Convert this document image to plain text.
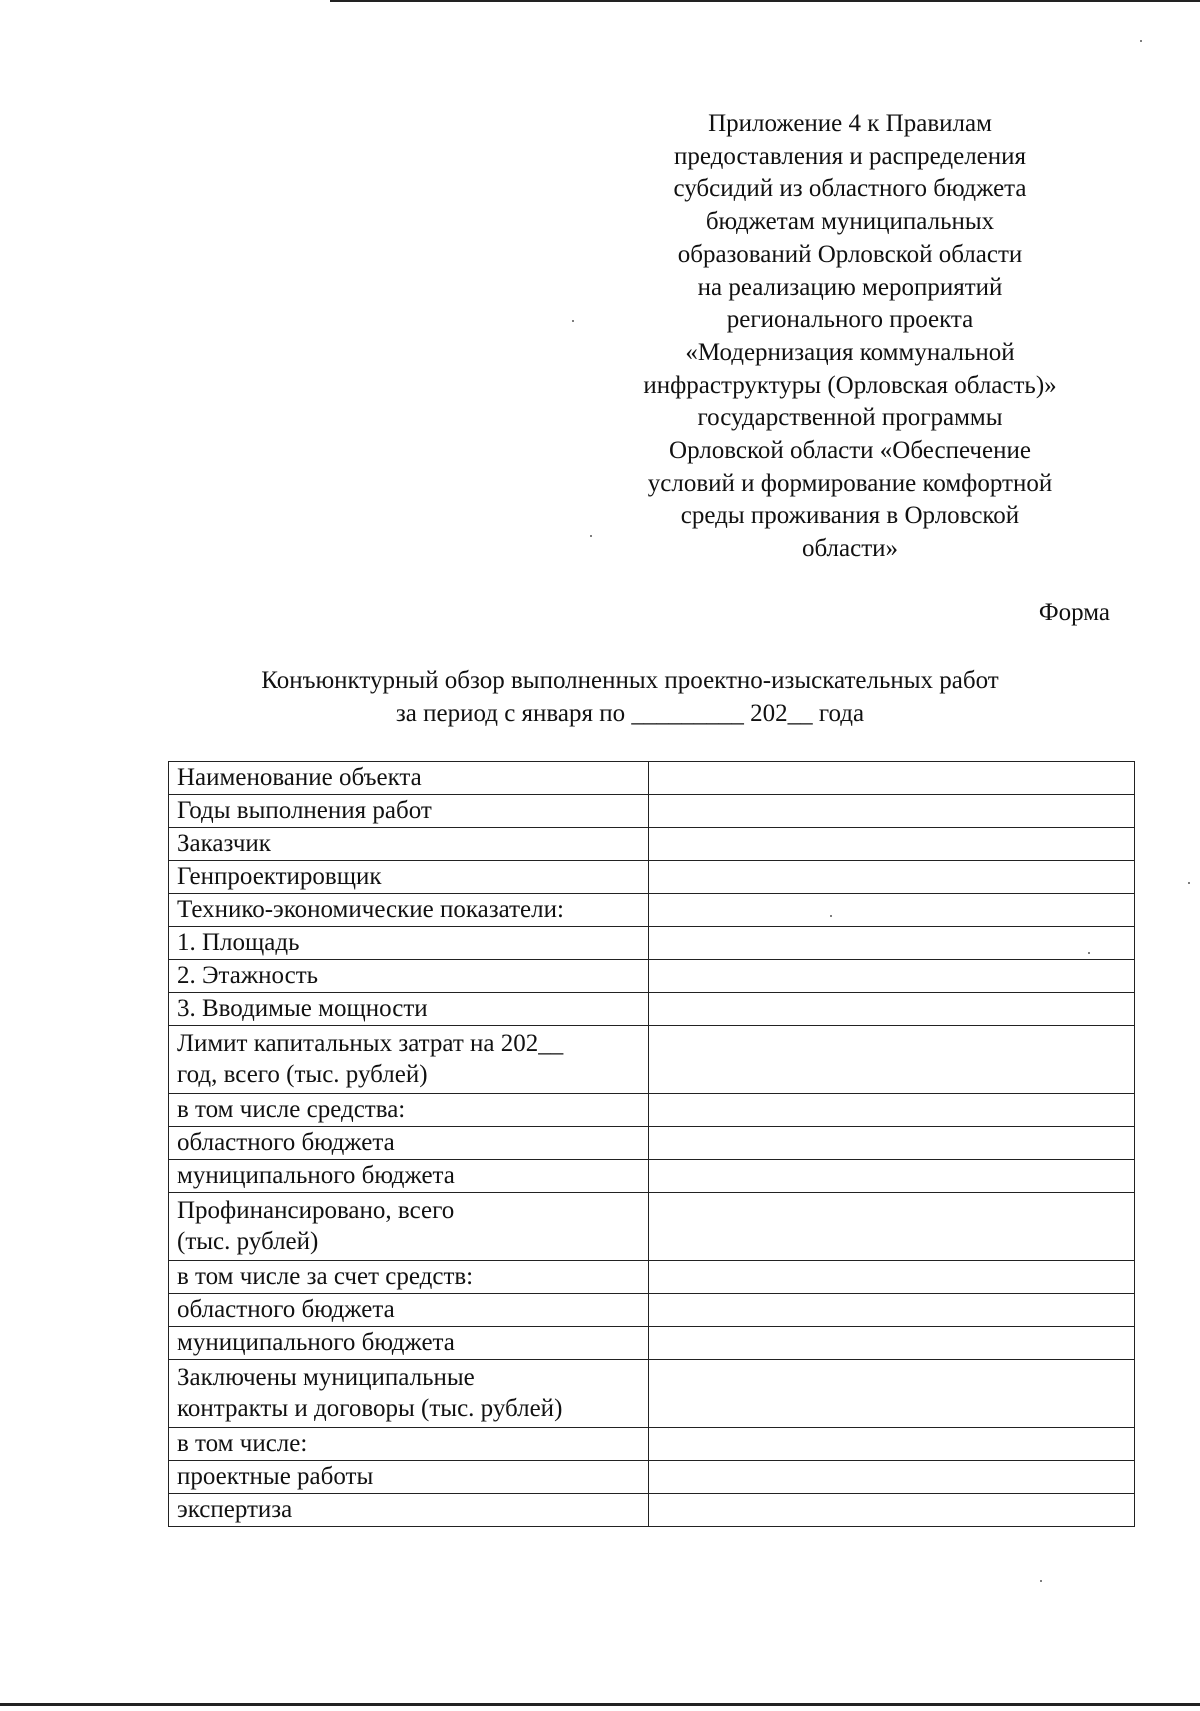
Приложение 4 к Правилам
предоставления и распределения
субсидий из областного бюджета
бюджетам муниципальных
образований Орловской области
на реализацию мероприятий
регионального проекта
«Модернизация коммунальной
инфраструктуры (Орловская область)»
государственной программы
Орловской области «Обеспечение
условий и формирование комфортной
среды проживания в Орловской
области»
Форма
Конъюнктурный обзор выполненных проектно-изыскательных работ
за период с января по _________ 202__ года
Наименование объекта	

Годы выполнения работ	

Заказчик	

Генпроектировщик	

Технико-экономические показатели:	

1. Площадь	

2. Этажность	

3. Вводимые мощности	

Лимит капитальных затрат на 202__
год, всего (тыс. рублей)	

в том числе средства:	

областного бюджета	

муниципального бюджета	

Профинансировано, всего
(тыс. рублей)	

в том числе за счет средств:	

областного бюджета	

муниципального бюджета	

Заключены муниципальные
контракты и договоры (тыс. рублей)	

в том числе:	

проектные работы	

экспертиза	
